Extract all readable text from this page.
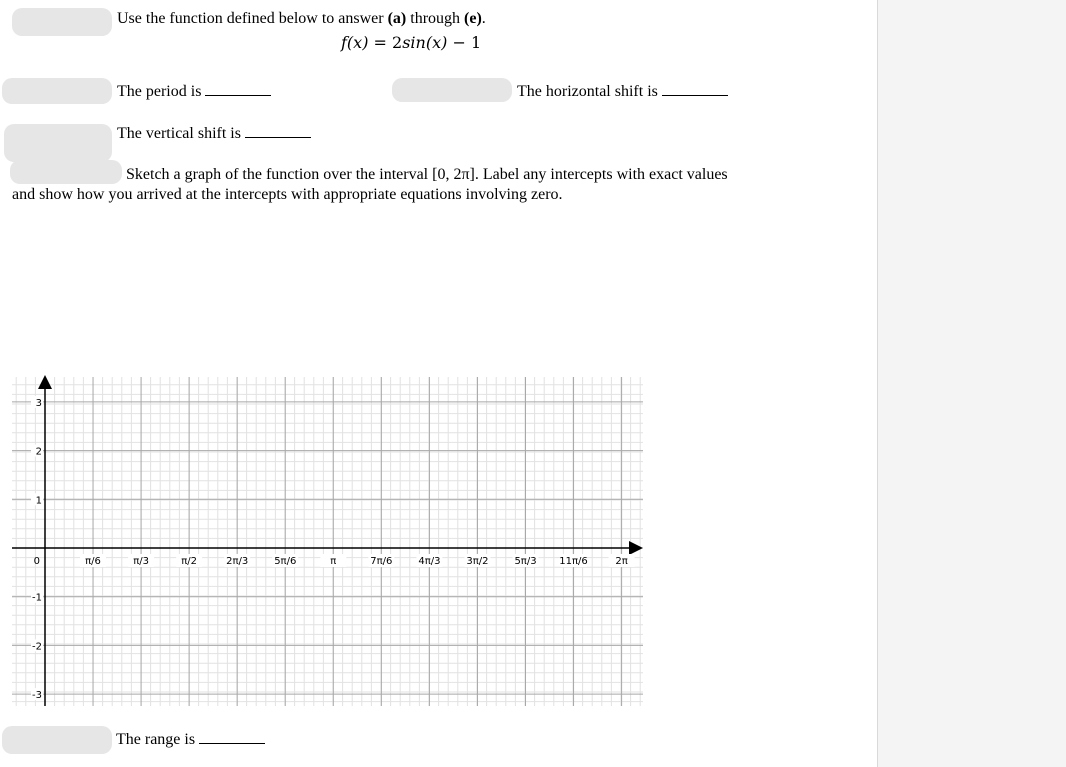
Use the function defined below to answer (a) through (e).
f(x) = 2sin(x) − 1
The period is	The horizontal shift is
The vertical shift is
Sketch a graph of the function over the interval [0, 2π]. Label any intercepts with exact values
and show how you arrived at the intercepts with appropriate equations involving zero.
3
2
1
-1
-2
-3
0	π/6	π/3	π/2	2π/3	5π/6	π	7π/6	4π/3	3π/2	5π/3 11π/6	2π
The range is
